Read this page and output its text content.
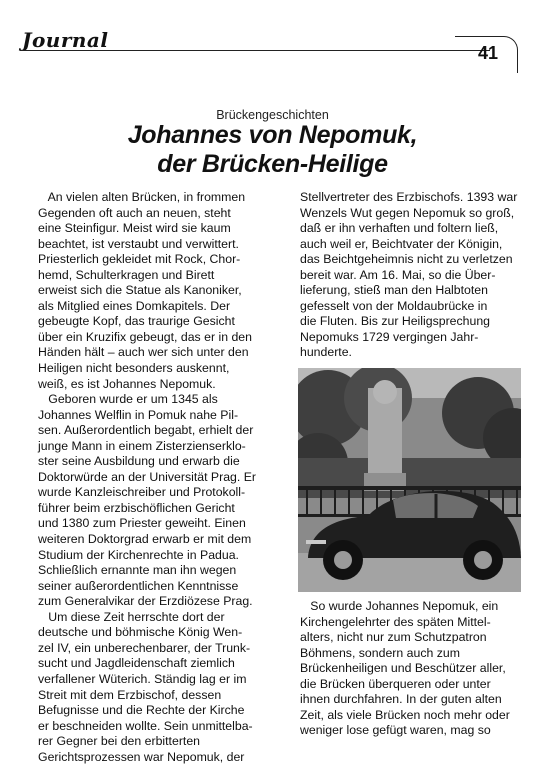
Journal
41
Brückengeschichten
Johannes von Nepomuk,
der Brücken-Heilige
An vielen alten Brücken, in frommen
Gegenden oft auch an neuen, steht
eine Steinfigur. Meist wird sie kaum
beachtet, ist verstaubt und verwittert.
Priesterlich gekleidet mit Rock, Chor-
hemd, Schulterkragen und Birett
erweist sich die Statue als Kanoniker,
als Mitglied eines Domkapitels. Der
gebeugte Kopf, das traurige Gesicht
über ein Kruzifix gebeugt, das er in den
Händen hält – auch wer sich unter den
Heiligen nicht besonders auskennt,
weiß, es ist Johannes Nepomuk.
Geboren wurde er um 1345 als
Johannes Welflin in Pomuk nahe Pil-
sen. Außerordentlich begabt, erhielt der
junge Mann in einem Zisterzienserklo-
ster seine Ausbildung und erwarb die
Doktorwürde an der Universität Prag. Er
wurde Kanzleischreiber und Protokoll-
führer beim erzbischöflichen Gericht
und 1380 zum Priester geweiht. Einen
weiteren Doktorgrad erwarb er mit dem
Studium der Kirchenrechte in Padua.
Schließlich ernannte man ihn wegen
seiner außerordentlichen Kenntnisse
zum Generalvikar der Erzdiözese Prag.
Um diese Zeit herrschte dort der
deutsche und böhmische König Wen-
zel IV, ein unberechenbarer, der Trunk-
sucht und Jagdleidenschaft ziemlich
verfallener Wüterich. Ständig lag er im
Streit mit dem Erzbischof, dessen
Befugnisse und die Rechte der Kirche
er beschneiden wollte. Sein unmittelba-
rer Gegner bei den erbitterten
Gerichtsprozessen war Nepomuk, der
Stellvertreter des Erzbischofs. 1393 war
Wenzels Wut gegen Nepomuk so groß,
daß er ihn verhaften und foltern ließ,
auch weil er, Beichtvater der Königin,
das Beichtgeheimnis nicht zu verletzen
bereit war. Am 16. Mai, so die Über-
lieferung, stieß man den Halbtoten
gefesselt von der Moldaubrücke in
die Fluten. Bis zur Heiligsprechung
Nepomuks 1729 vergingen Jahr-
hunderte.
So wurde Johannes Nepomuk, ein
Kirchengelehrter des späten Mittel-
alters, nicht nur zum Schutzpatron
Böhmens, sondern auch zum
Brückenheiligen und Beschützer aller,
die Brücken überqueren oder unter
ihnen durchfahren. In der guten alten
Zeit, als viele Brücken noch mehr oder
weniger lose gefügt waren, mag so
